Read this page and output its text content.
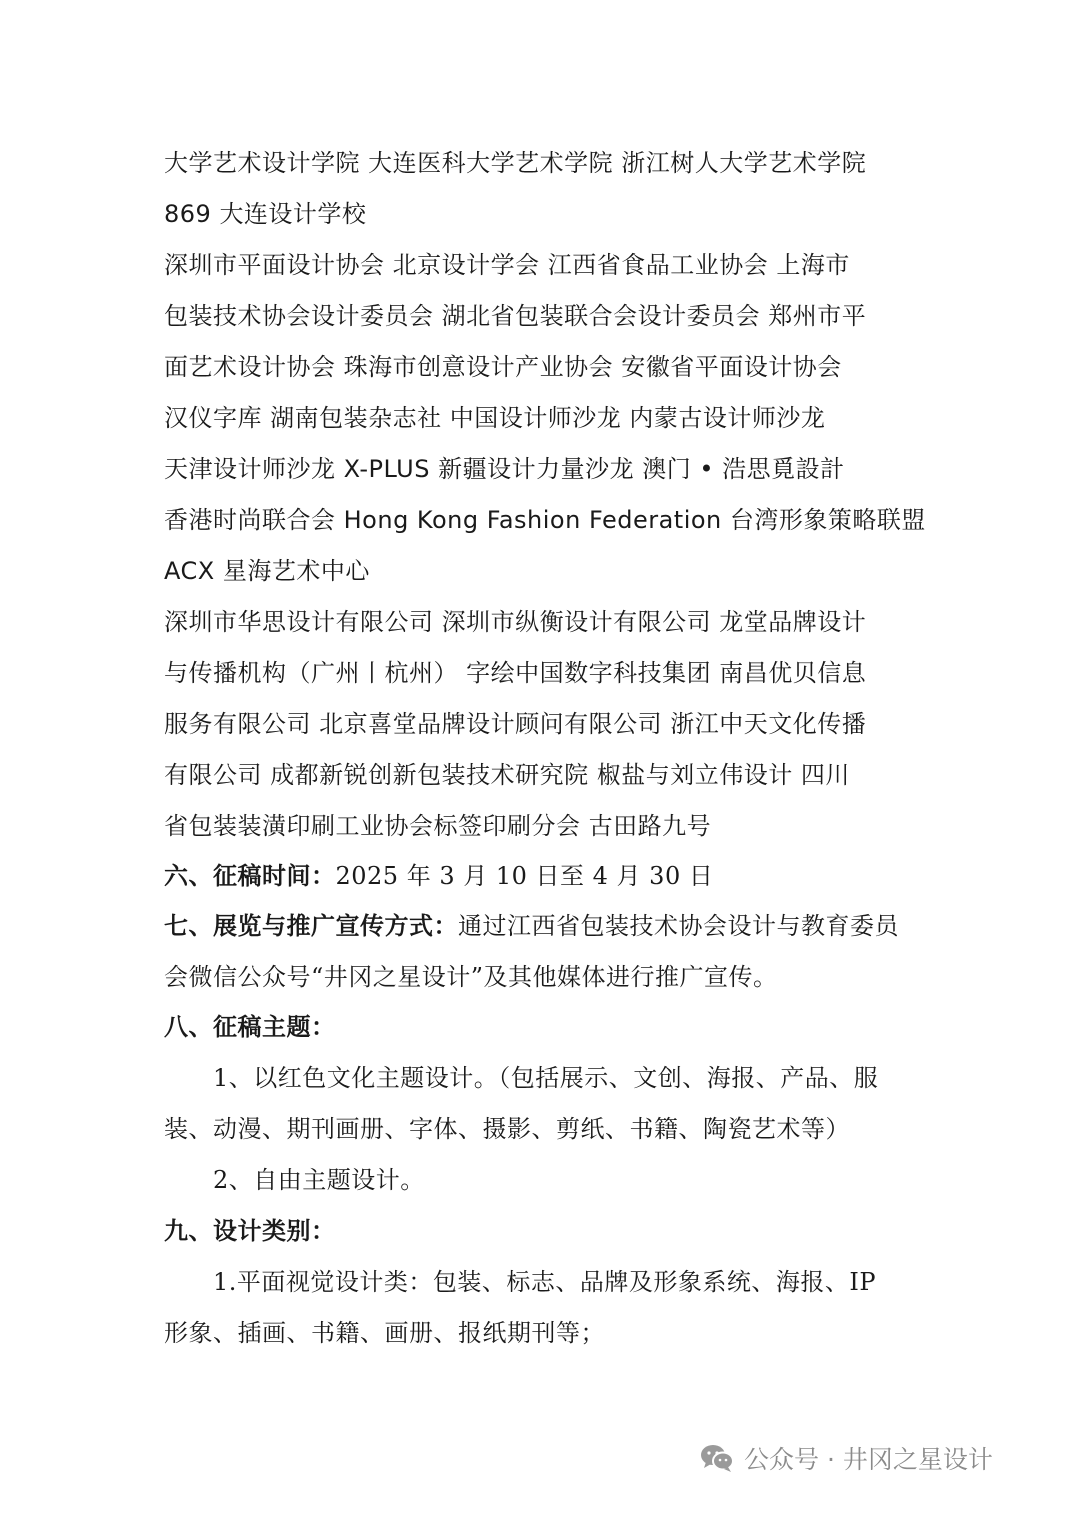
大学艺术设计学院 大连医科大学艺术学院 浙江树人大学艺术学院
869 大连设计学校
深圳市平面设计协会 北京设计学会 江西省食品工业协会 上海市
包装技术协会设计委员会 湖北省包装联合会设计委员会 郑州市平
面艺术设计协会 珠海市创意设计产业协会 安徽省平面设计协会
汉仪字库 湖南包装杂志社 中国设计师沙龙 内蒙古设计师沙龙
天津设计师沙龙 X-PLUS 新疆设计力量沙龙 澳门 • 浩思覓設計
香港时尚联合会 Hong Kong Fashion Federation 台湾形象策略联盟
ACX 星海艺术中心
深圳市华思设计有限公司 深圳市纵衡设计有限公司 龙堂品牌设计
与传播机构（广州丨杭州） 字绘中国数字科技集团 南昌优贝信息
服务有限公司 北京喜堂品牌设计顾问有限公司 浙江中天文化传播
有限公司 成都新锐创新包装技术研究院 椒盐与刘立伟设计 四川
省包装装潢印刷工业协会标签印刷分会 古田路九号
六、征稿时间：2025 年 3 月 10 日至 4 月 30 日
七、展览与推广宣传方式：通过江西省包装技术协会设计与教育委员
会微信公众号“井冈之星设计”及其他媒体进行推广宣传。
八、征稿主题：
1、以红色文化主题设计。（包括展示、文创、海报、产品、服
装、动漫、期刊画册、字体、摄影、剪纸、书籍、陶瓷艺术等）
2、自由主题设计。
九、设计类别：
1.平面视觉设计类：包装、标志、品牌及形象系统、海报、IP
形象、插画、书籍、画册、报纸期刊等；
公众号 · 井冈之星设计
